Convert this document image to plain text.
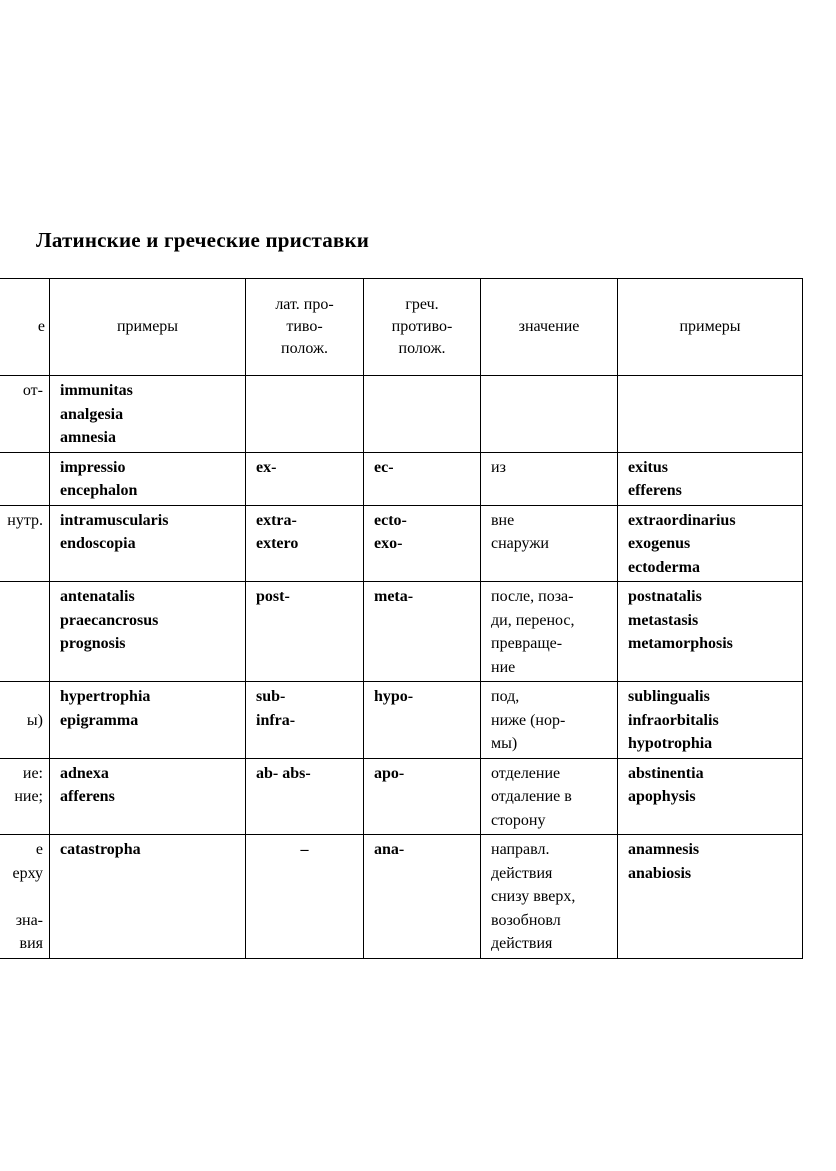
Латинские и греческие приставки
е	примеры	лат. про-
тиво-
полож.	греч.
противо-
полож.	значение	примеры

от-	immunitas
analgesia
amnesia				

	impressio
encephalon	ex-	ec-	из	exitus
efferens

нутр.	intramuscularis
endoscopia	extra-
extero	ecto-
exo-	вне
снаружи	extraordinarius
exogenus
ectoderma

	antenatalis
praecancrosus
prognosis	post-	meta-	после, поза-
ди, перенос,
превраще-
ние	postnatalis
metastasis
metamorphosis

ы)	hypertrophia
epigramma	sub-
infra-	hypo-	под,
ниже (нор-
мы)	sublingualis
infraorbitalis
hypotrophia

ие:
ние;	adnexa
afferens	ab- abs-	apo-	отделение
отдаление в
сторону	abstinentia
apophysis

е
ерху

зна-
вия	catastropha	–	ana-	направл.
действия
снизу вверх,
возобновл
действия	anamnesis
anabiosis
